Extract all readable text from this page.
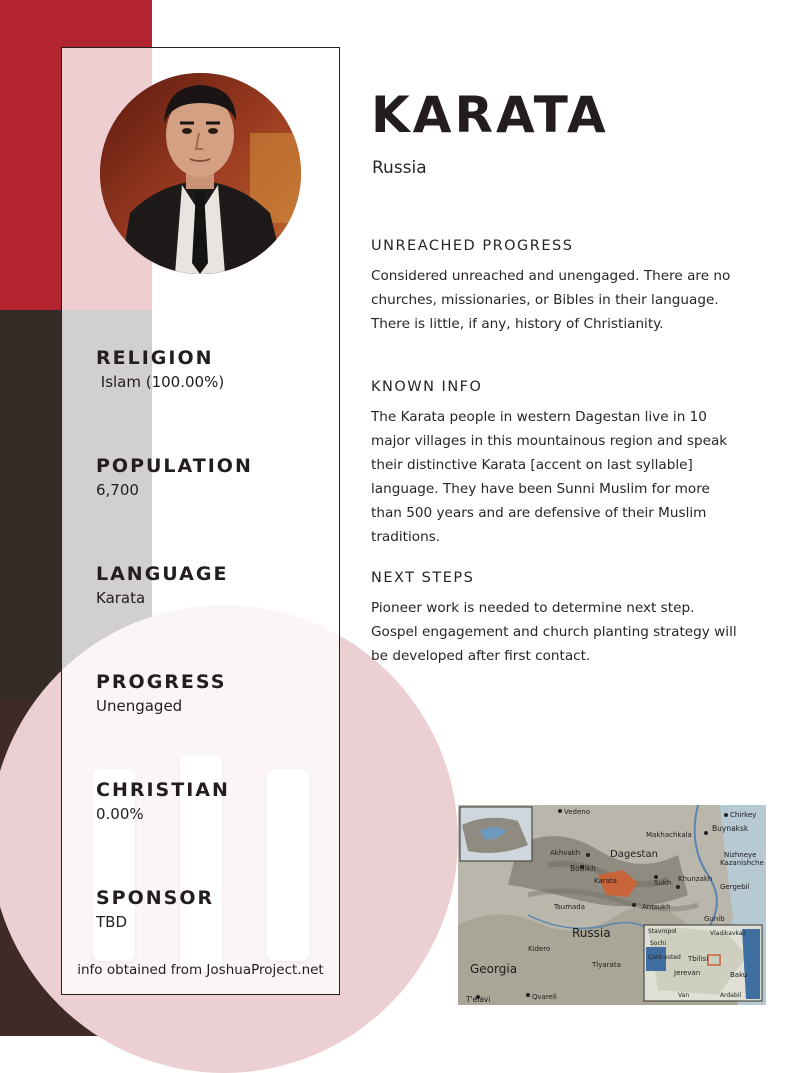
RELIGION
Islam (100.00%)
POPULATION
6,700
LANGUAGE
Karata
PROGRESS
Unengaged
CHRISTIAN
0.00%
SPONSOR
TBD
info obtained from JoshuaProject.net
KARATA
Russia
UNREACHED PROGRESS

Considered unreached and unengaged. There are no churches, missionaries, or Bibles in their language. There is little, if any, history of Christianity.

KNOWN INFO

The Karata people in western Dagestan live in 10 major villages in this mountainous region and speak their distinctive Karata [accent on last syllable] language. They have been Sunni Muslim for more than 500 years and are defensive of their Muslim traditions.

NEXT STEPS

Pioneer work is needed to determine next step. Gospel engagement and church planting strategy will be developed after first contact.

Vedeno	Chirkey
Buynaksk
Makhachkala
Dagestan	Nizhneye
Kazanishche
Akhvakh
Botlikh
Karata	Khunzakh
Gergebil
Sukh
Gunib
Tsumada	Antsukh
Russia
Kidero
Tlyarata
Georgia
T'elavi	Qvareli
Stavropol
Sochi
Vladikavkaz
Tbilisi
Cont-ested
Jerevan	Baku
Ardabil
Van
